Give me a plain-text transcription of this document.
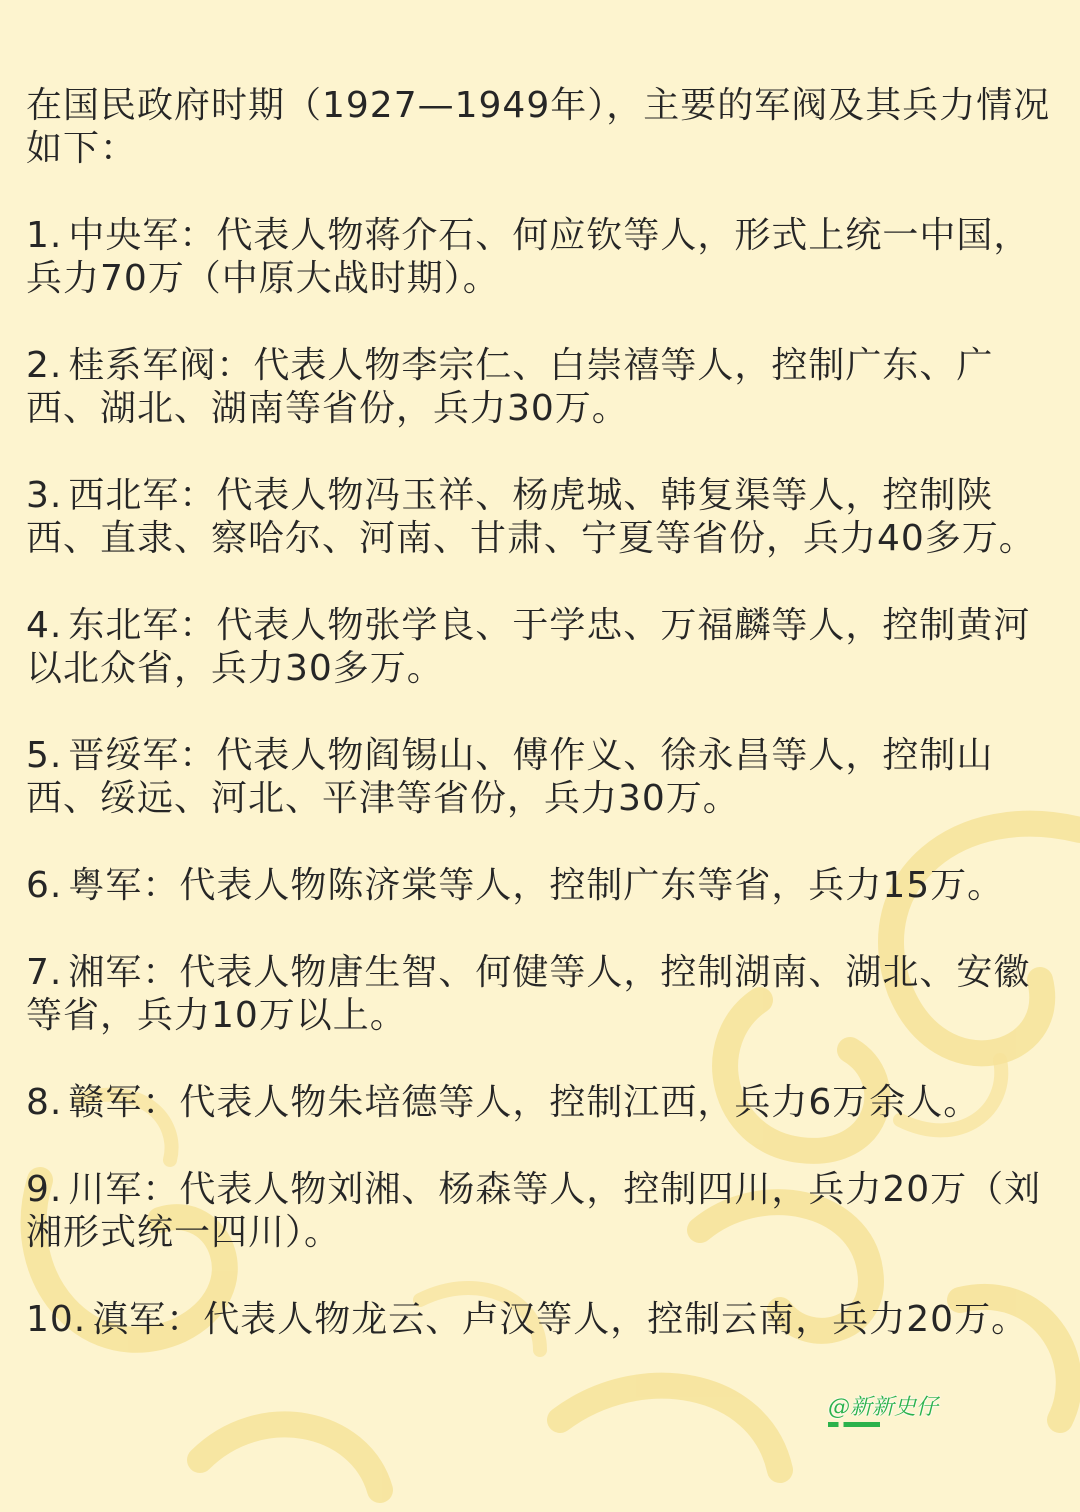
在国民政府时期（1927—1949年），主要的军阀及其兵力情况如下：

1. 中央军：代表人物蒋介石、何应钦等人，形式上统一中国，兵力70万（中原大战时期）。

2. 桂系军阀：代表人物李宗仁、白崇禧等人，控制广东、广西、湖北、湖南等省份，兵力30万。

3. 西北军：代表人物冯玉祥、杨虎城、韩复渠等人，控制陕西、直隶、察哈尔、河南、甘肃、宁夏等省份，兵力40多万。

4. 东北军：代表人物张学良、于学忠、万福麟等人，控制黄河以北众省，兵力30多万。

5. 晋绥军：代表人物阎锡山、傅作义、徐永昌等人，控制山西、绥远、河北、平津等省份，兵力30万。

6. 粤军：代表人物陈济棠等人，控制广东等省，兵力15万。

7. 湘军：代表人物唐生智、何健等人，控制湖南、湖北、安徽等省，兵力10万以上。

8. 赣军：代表人物朱培德等人，控制江西，兵力6万余人。

9. 川军：代表人物刘湘、杨森等人，控制四川，兵力20万（刘湘形式统一四川）。

10. 滇军：代表人物龙云、卢汉等人，控制云南，兵力20万。

@新新史仔
